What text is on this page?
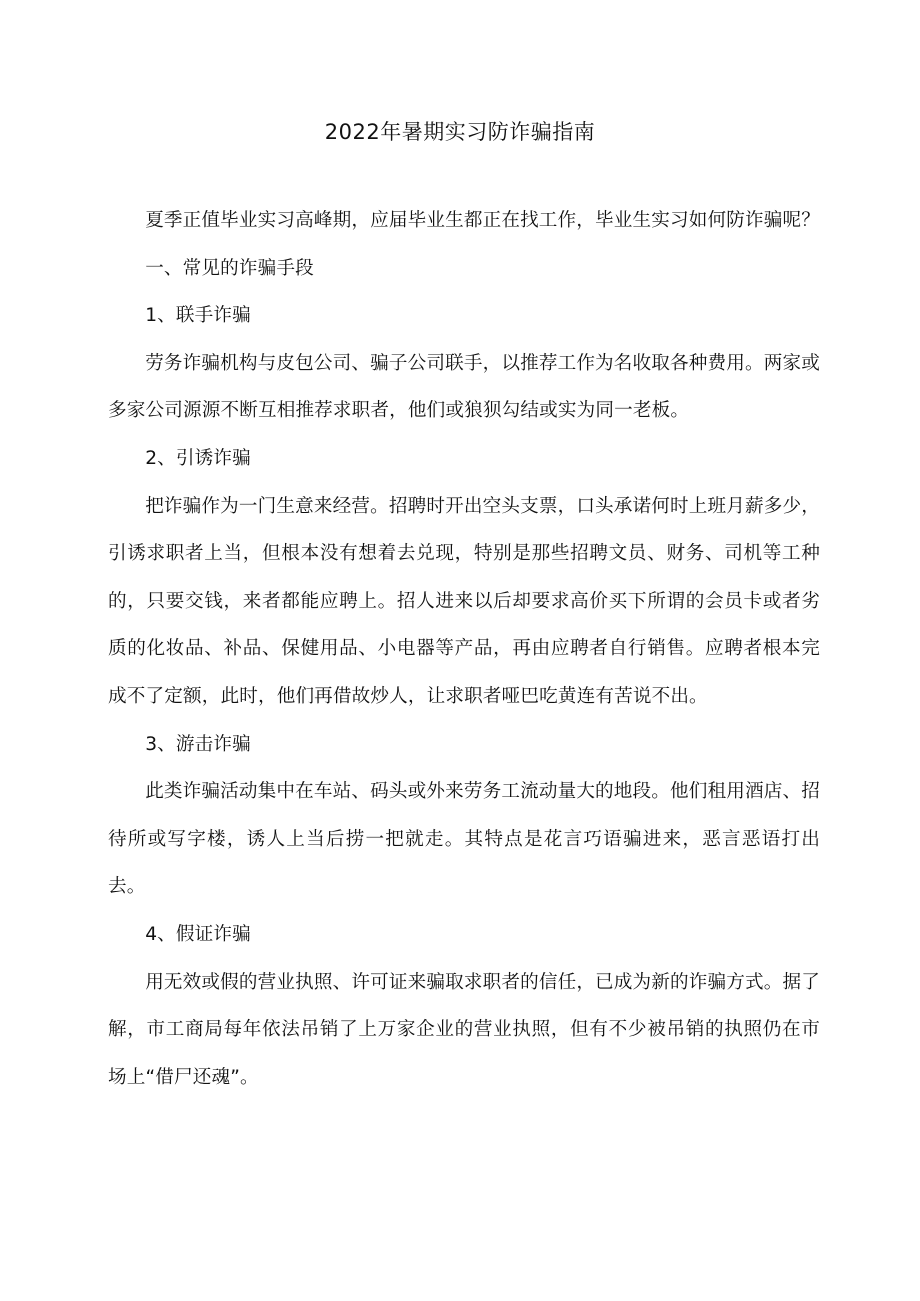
2022年暑期实习防诈骗指南

夏季正值毕业实习高峰期，应届毕业生都正在找工作，毕业生实习如何防诈骗呢？

一、常见的诈骗手段

1、联手诈骗

劳务诈骗机构与皮包公司、骗子公司联手，以推荐工作为名收取各种费用。两家或多家公司源源不断互相推荐求职者，他们或狼狈勾结或实为同一老板。

2、引诱诈骗

把诈骗作为一门生意来经营。招聘时开出空头支票，口头承诺何时上班月薪多少，引诱求职者上当，但根本没有想着去兑现，特别是那些招聘文员、财务、司机等工种的，只要交钱，来者都能应聘上。招人进来以后却要求高价买下所谓的会员卡或者劣质的化妆品、补品、保健用品、小电器等产品，再由应聘者自行销售。应聘者根本完成不了定额，此时，他们再借故炒人，让求职者哑巴吃黄连有苦说不出。

3、游击诈骗

此类诈骗活动集中在车站、码头或外来劳务工流动量大的地段。他们租用酒店、招待所或写字楼，诱人上当后捞一把就走。其特点是花言巧语骗进来，恶言恶语打出去。

4、假证诈骗

用无效或假的营业执照、许可证来骗取求职者的信任，已成为新的诈骗方式。据了解，市工商局每年依法吊销了上万家企业的营业执照，但有不少被吊销的执照仍在市场上“借尸还魂”。
